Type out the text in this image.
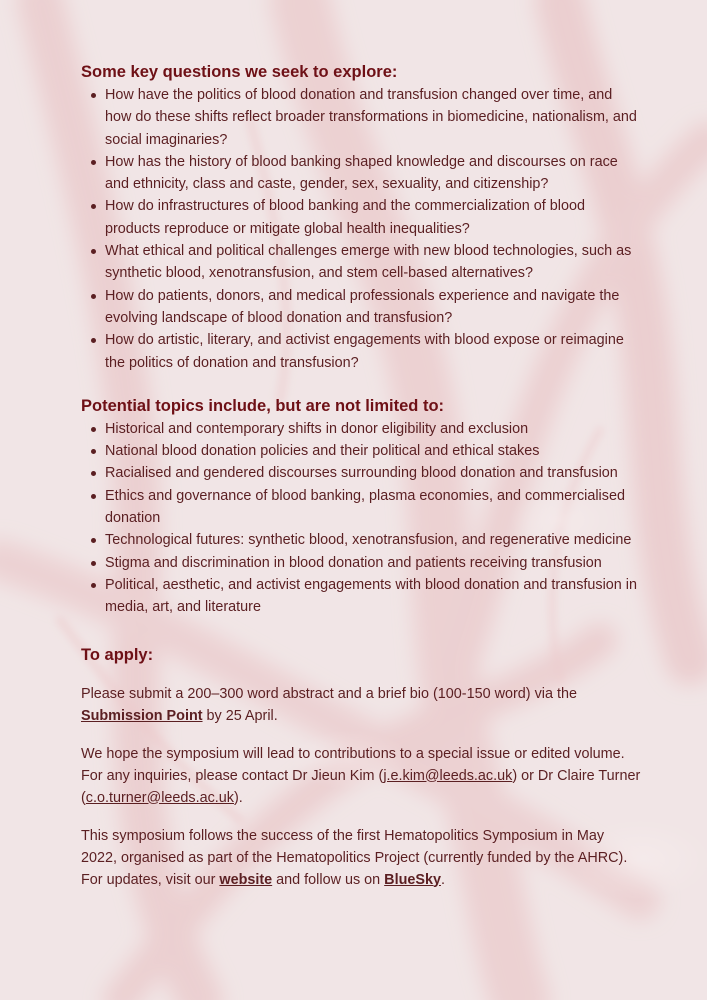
Some key questions we seek to explore:
How have the politics of blood donation and transfusion changed over time, and how do these shifts reflect broader transformations in biomedicine, nationalism, and social imaginaries?
How has the history of blood banking shaped knowledge and discourses on race and ethnicity, class and caste, gender, sex, sexuality, and citizenship?
How do infrastructures of blood banking and the commercialization of blood products reproduce or mitigate global health inequalities?
What ethical and political challenges emerge with new blood technologies, such as synthetic blood, xenotransfusion, and stem cell-based alternatives?
How do patients, donors, and medical professionals experience and navigate the evolving landscape of blood donation and transfusion?
How do artistic, literary, and activist engagements with blood expose or reimagine the politics of donation and transfusion?
Potential topics include, but are not limited to:
Historical and contemporary shifts in donor eligibility and exclusion
National blood donation policies and their political and ethical stakes
Racialised and gendered discourses surrounding blood donation and transfusion
Ethics and governance of blood banking, plasma economies, and commercialised donation
Technological futures: synthetic blood, xenotransfusion, and regenerative medicine
Stigma and discrimination in blood donation and patients receiving transfusion
Political, aesthetic, and activist engagements with blood donation and transfusion in media, art, and literature
To apply:

Please submit a 200–300 word abstract and a brief bio (100-150 word) via the Submission Point by 25 April.

We hope the symposium will lead to contributions to a special issue or edited volume. For any inquiries, please contact Dr Jieun Kim (j.e.kim@leeds.ac.uk) or Dr Claire Turner (c.o.turner@leeds.ac.uk).

This symposium follows the success of the first Hematopolitics Symposium in May 2022, organised as part of the Hematopolitics Project (currently funded by the AHRC). For updates, visit our website and follow us on BlueSky.
